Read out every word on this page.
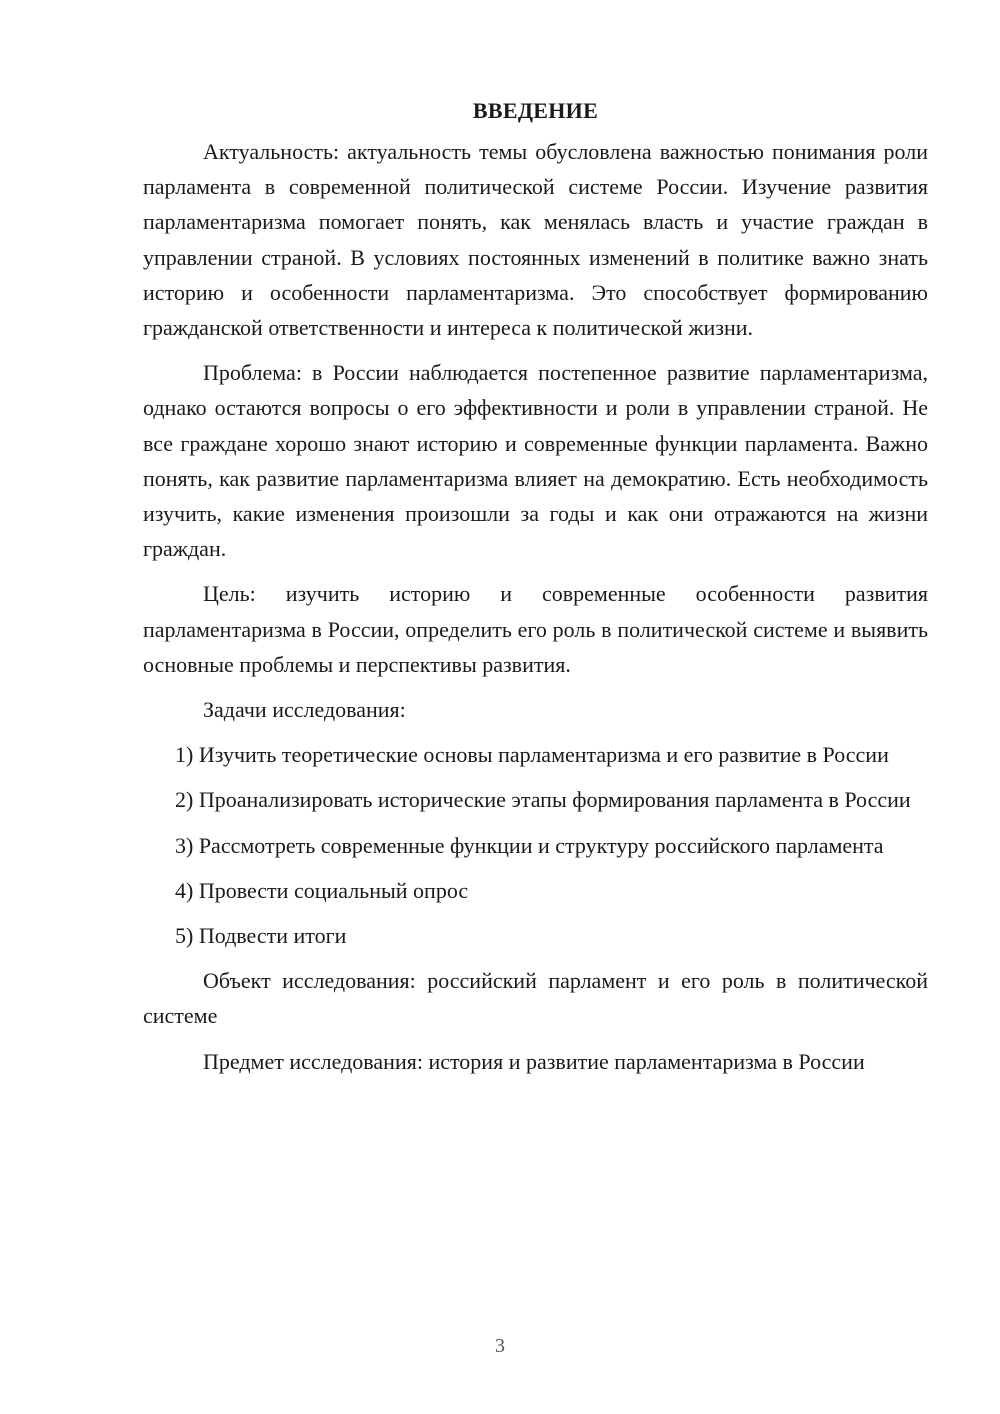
ВВЕДЕНИЕ

Актуальность: актуальность темы обусловлена важностью понимания роли парламента в современной политической системе России. Изучение развития парламентаризма помогает понять, как менялась власть и участие граждан в управлении страной. В условиях постоянных изменений в политике важно знать историю и особенности парламентаризма. Это способствует формированию гражданской ответственности и интереса к политической жизни.

Проблема: в России наблюдается постепенное развитие парламентаризма, однако остаются вопросы о его эффективности и роли в управлении страной. Не все граждане хорошо знают историю и современные функции парламента. Важно понять, как развитие парламентаризма влияет на демократию. Есть необходимость изучить, какие изменения произошли за годы и как они отражаются на жизни граждан.

Цель: изучить историю и современные особенности развития парламентаризма в России, определить его роль в политической системе и выявить основные проблемы и перспективы развития.

Задачи исследования:

1) Изучить теоретические основы парламентаризма и его развитие в России

2) Проанализировать исторические этапы формирования парламента в России

3) Рассмотреть современные функции и структуру российского парламента

4) Провести социальный опрос

5) Подвести итоги

Объект исследования: российский парламент и его роль в политической системе

Предмет исследования: история и развитие парламентаризма в России

3
